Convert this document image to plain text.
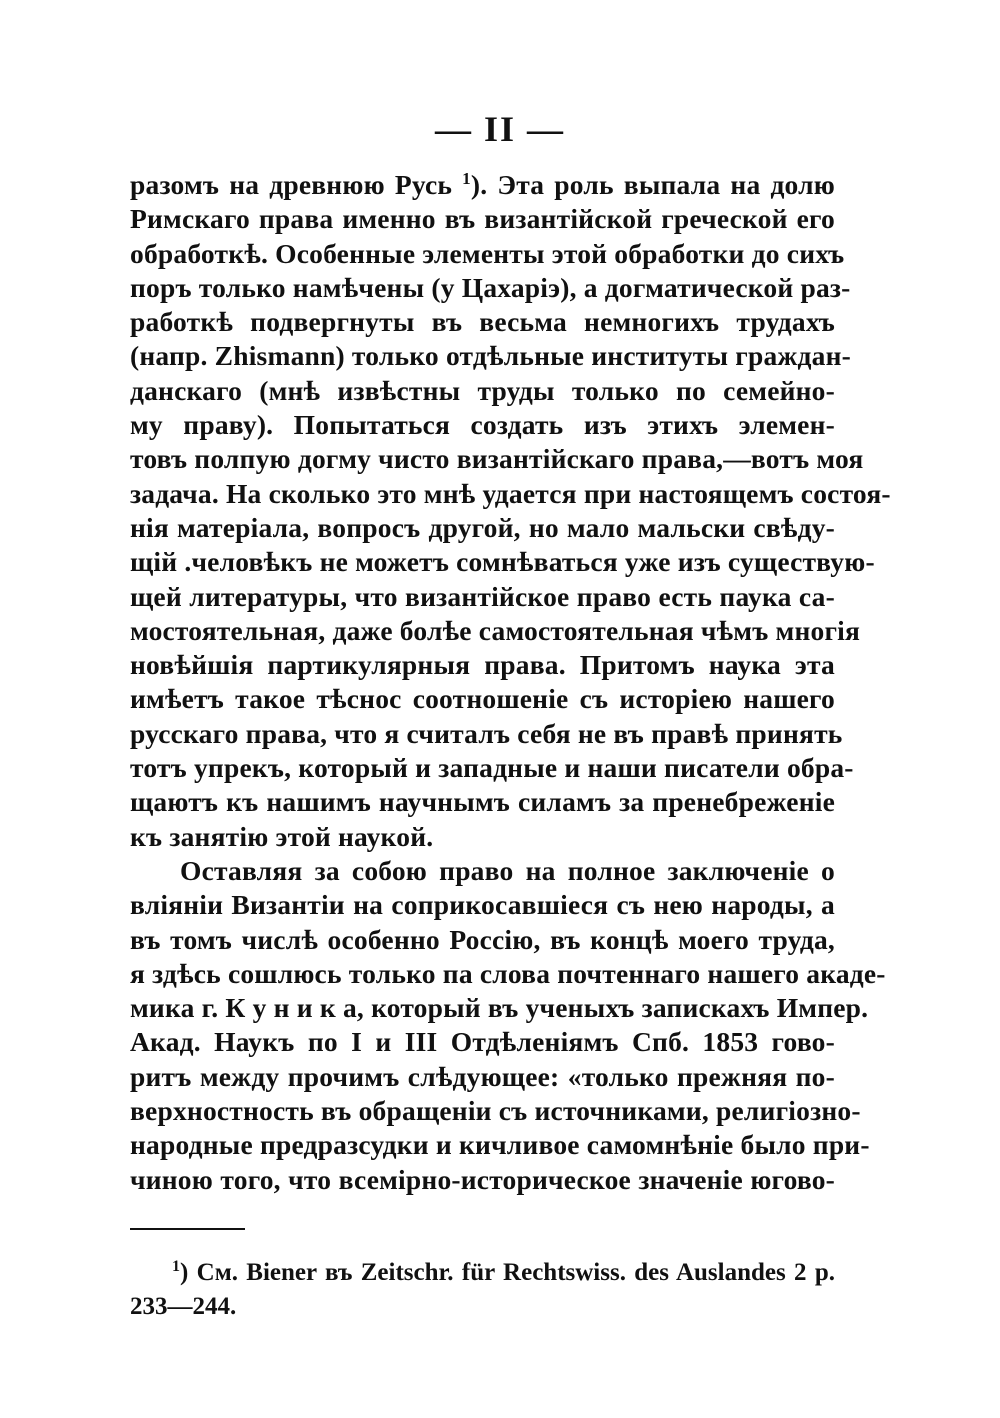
— II —
разомъ на древнюю Русь $^1$). Эта роль выпала на долю
Римскаго права именно въ византійской греческой его
обработкѣ. Особенные элементы этой обработки до сихъ
поръ только намѣчены (у Цахаріэ), а догматической раз-
работкѣ подвергнуты въ весьма немногихъ трудахъ
(напр. Zhismann) только отдѣльные институты граждан-
данскаго (мнѣ извѣстны труды только по семейно-
му праву). Попытаться создать изъ этихъ элемен-
товъ полпую догму чисто византійскаго права,—вотъ моя
задача. На сколько это мнѣ удается при настоящемъ состоя-
нія матеріала, вопросъ другой, но мало мальски свѣду-
щій .человѣкъ не можетъ сомнѣваться уже изъ существую-
щей литературы, что византійское право есть паука са-
мостоятельная, даже болѣе самостоятельная чѣмъ многія
новѣйшія партикулярныя права. Притомъ наука эта
имѣетъ такое тѣснос соотношеніе съ исторіею нашего
русскаго права, что я считалъ себя не въ правѣ принять
тотъ упрекъ, который и западные и наши писатели обра-
щаютъ къ нашимъ научнымъ силамъ за пренебреженіе
къ занятію этой наукой.
Оставляя за собою право на полное заключеніе о
вліяніи Византіи на соприкосавшіеся съ нею народы, а
въ томъ числѣ особенно Россію, въ концѣ моего труда,
я здѣсь сошлюсь только па слова почтеннаго нашего акаде-
мика г. К у н и к а, который въ ученыхъ запискахъ Импер.
Акад. Наукъ по I и III Отдѣленіямъ Спб. 1853 гово-
ритъ между прочимъ слѣдующее: «только прежняя по-
верхностность въ обращеніи съ источниками, религіозно-
народные предразсудки и кичливое самомнѣніе было при-
чиною того, что всемірно-историческое значеніе югово-
$^1$) См. Biener въ Zeitschr. für Rechtswiss. des Auslandes 2 p.
233—244.
